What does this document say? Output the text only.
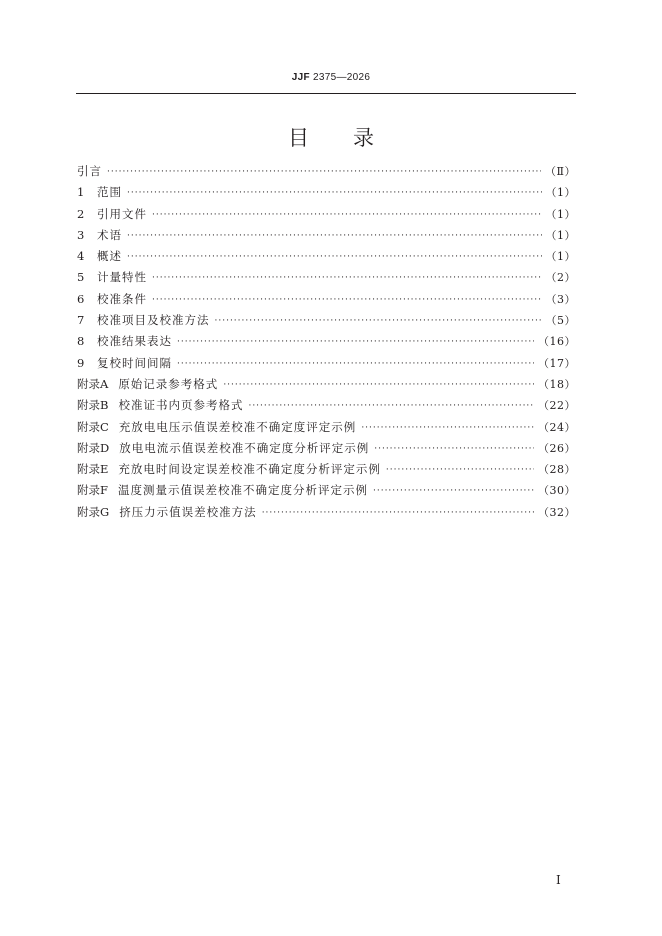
JJF 2375—2026
目录
引言 ·····	（Ⅱ）
1	范围 ·····	（1）
2	引用文件 ·····	（1）
3	术语 ·····	（1）
4	概述 ·····	（1）
5	计量特性 ·····	（2）
6	校准条件 ·····	（3）
7	校准项目及校准方法 ·····	（5）
8	校准结果表达 ·····	（16）
9	复校时间间隔 ·····	（17）
附录A 原始记录参考格式 ·····	（18）
附录B 校准证书内页参考格式 ·····	（22）
附录C 充放电电压示值误差校准不确定度评定示例 ·····	（24）
附录D 放电电流示值误差校准不确定度分析评定示例 ·····	（26）
附录E 充放电时间设定误差校准不确定度分析评定示例 ·····	（28）
附录F 温度测量示值误差校准不确定度分析评定示例 ·····	（30）
附录G 挤压力示值误差校准方法 ·····	（32）
I
